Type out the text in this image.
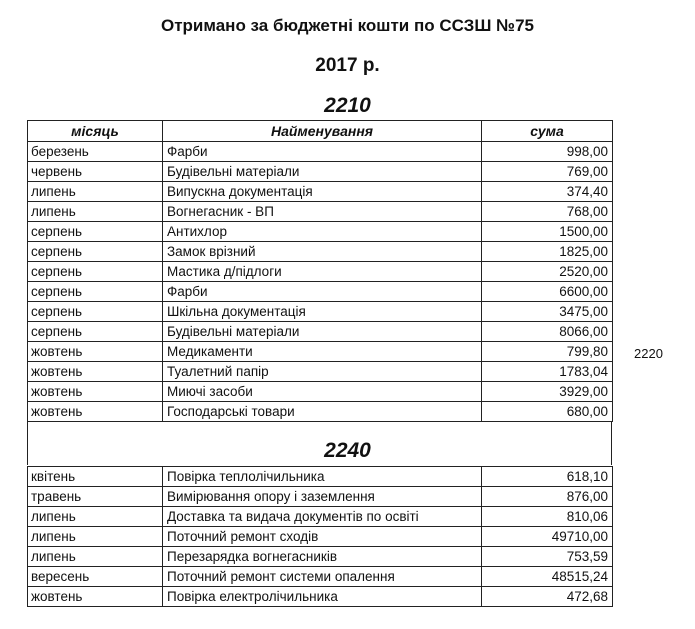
Отримано за бюджетні кошти по ССЗШ №75
2017 р.
2210
місяць	Найменування	сума
березень	Фарби	998,00
червень	Будівельні матеріали	769,00
липень	Випускна документація	374,40
липень	Вогнегасник - ВП	768,00
серпень	Антихлор	1500,00
серпень	Замок врізний	1825,00
серпень	Мастика д/підлоги	2520,00
серпень	Фарби	6600,00
серпень	Шкільна документація	3475,00
серпень	Будівельні матеріали	8066,00
жовтень	Медикаменти	799,80
жовтень	Туалетний папір	1783,04
жовтень	Миючі засоби	3929,00
жовтень	Господарські товари	680,00
2220
2240
квітень	Повірка теплолічильника	618,10
травень	Вимірювання опору і заземлення	876,00
липень	Доставка та видача документів по освіті	810,06
липень	Поточний ремонт сходів	49710,00
липень	Перезарядка вогнегасників	753,59
вересень	Поточний ремонт системи опалення	48515,24
жовтень	Повірка електролічильника	472,68
